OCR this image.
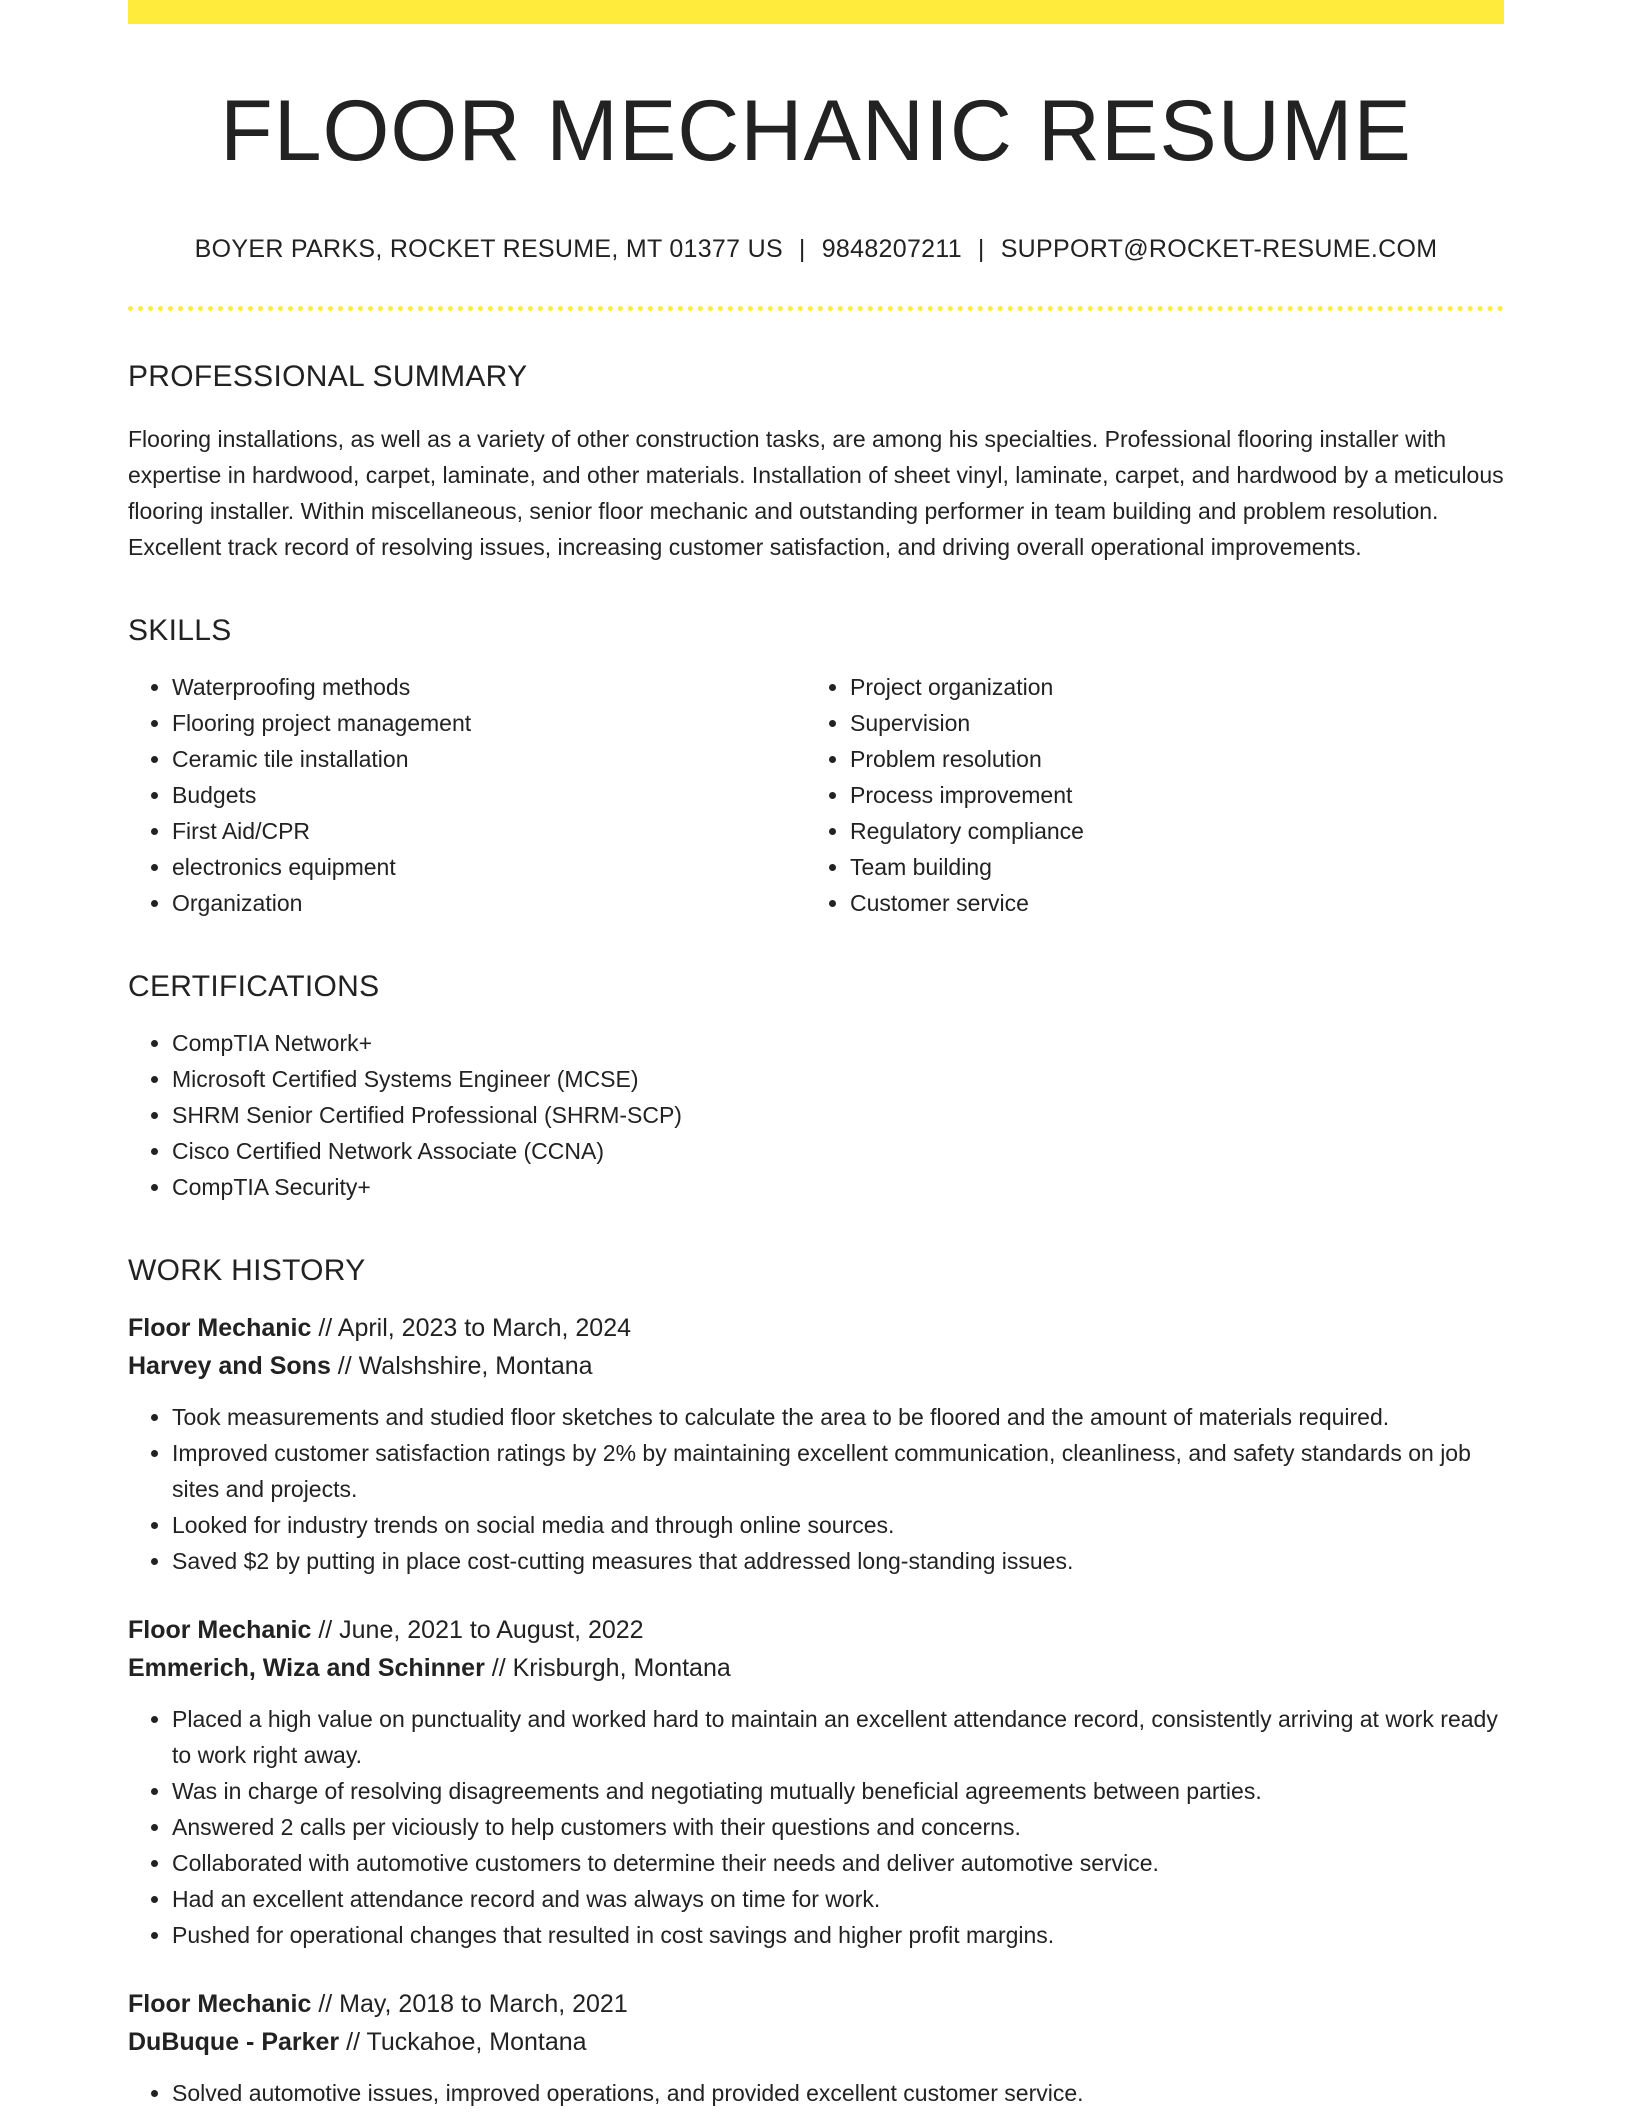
FLOOR MECHANIC RESUME
BOYER PARKS, ROCKET RESUME, MT 01377 US | 9848207211 | SUPPORT@ROCKET-RESUME.COM
PROFESSIONAL SUMMARY

Flooring installations, as well as a variety of other construction tasks, are among his specialties. Professional flooring installer with expertise in hardwood, carpet, laminate, and other materials. Installation of sheet vinyl, laminate, carpet, and hardwood by a meticulous flooring installer. Within miscellaneous, senior floor mechanic and outstanding performer in team building and problem resolution. Excellent track record of resolving issues, increasing customer satisfaction, and driving overall operational improvements.

SKILLS
• Waterproofing methods
• Flooring project management
• Ceramic tile installation
• Budgets
• First Aid/CPR
• electronics equipment
• Organization
• Project organization
• Supervision
• Problem resolution
• Process improvement
• Regulatory compliance
• Team building
• Customer service
CERTIFICATIONS
• CompTIA Network+
• Microsoft Certified Systems Engineer (MCSE)
• SHRM Senior Certified Professional (SHRM-SCP)
• Cisco Certified Network Associate (CCNA)
• CompTIA Security+
WORK HISTORY
Floor Mechanic // April, 2023 to March, 2024
Harvey and Sons // Walshshire, Montana
• Took measurements and studied floor sketches to calculate the area to be floored and the amount of materials required.
• Improved customer satisfaction ratings by 2% by maintaining excellent communication, cleanliness, and safety standards on job sites and projects.
• Looked for industry trends on social media and through online sources.
• Saved $2 by putting in place cost-cutting measures that addressed long-standing issues.
Floor Mechanic // June, 2021 to August, 2022
Emmerich, Wiza and Schinner // Krisburgh, Montana
• Placed a high value on punctuality and worked hard to maintain an excellent attendance record, consistently arriving at work ready to work right away.
• Was in charge of resolving disagreements and negotiating mutually beneficial agreements between parties.
• Answered 2 calls per viciously to help customers with their questions and concerns.
• Collaborated with automotive customers to determine their needs and deliver automotive service.
• Had an excellent attendance record and was always on time for work.
• Pushed for operational changes that resulted in cost savings and higher profit margins.
Floor Mechanic // May, 2018 to March, 2021
DuBuque - Parker // Tuckahoe, Montana
• Solved automotive issues, improved operations, and provided excellent customer service.
